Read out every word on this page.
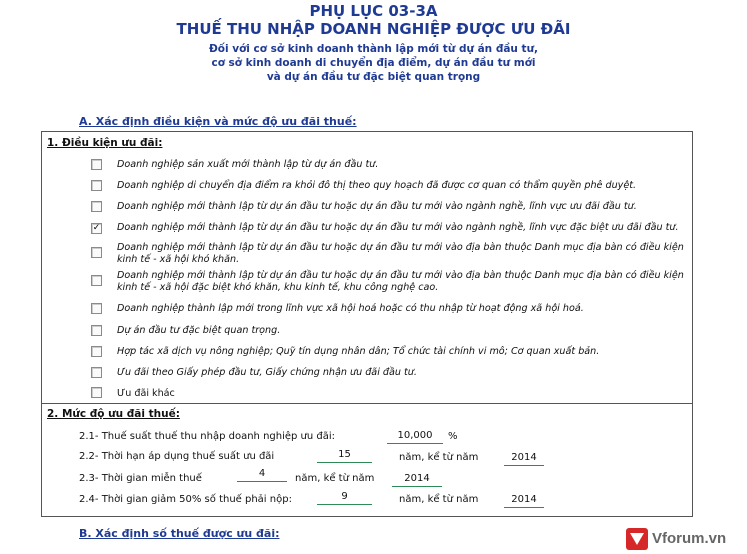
PHỤ LỤC 03-3A
THUẾ THU NHẬP DOANH NGHIỆP ĐƯỢC ƯU ĐÃI
Đối với cơ sở kinh doanh thành lập mới từ dự án đầu tư,
cơ sở kinh doanh di chuyển địa điểm, dự án đầu tư mới
và dự án đầu tư đặc biệt quan trọng
A. Xác định điều kiện và mức độ ưu đãi thuế:
1. Điều kiện ưu đãi:
Doanh nghiệp sản xuất mới thành lập từ dự án đầu tư.
Doanh nghiệp di chuyển địa điểm ra khỏi đô thị theo quy hoạch đã được cơ quan có thẩm quyền phê duyệt.
Doanh nghiệp mới thành lập từ dự án đầu tư hoặc dự án đầu tư mới vào ngành nghề, lĩnh vực ưu đãi đầu tư.
✓ Doanh nghiệp mới thành lập từ dự án đầu tư hoặc dự án đầu tư mới vào ngành nghề, lĩnh vực đặc biệt ưu đãi đầu tư.
Doanh nghiệp mới thành lập từ dự án đầu tư hoặc dự án đầu tư mới vào địa bàn thuộc Danh mục địa bàn có điều kiện kinh tế - xã hội khó khăn.
Doanh nghiệp mới thành lập từ dự án đầu tư hoặc dự án đầu tư mới vào địa bàn thuộc Danh mục địa bàn có điều kiện kinh tế - xã hội đặc biệt khó khăn, khu kinh tế, khu công nghệ cao.
Doanh nghiệp thành lập mới trong lĩnh vực xã hội hoá hoặc có thu nhập từ hoạt động xã hội hoá.
Dự án đầu tư đặc biệt quan trọng.
Hợp tác xã dịch vụ nông nghiệp; Quỹ tín dụng nhân dân; Tổ chức tài chính vi mô; Cơ quan xuất bản.
Ưu đãi theo Giấy phép đầu tư, Giấy chứng nhận ưu đãi đầu tư.
Ưu đãi khác
2. Mức độ ưu đãi thuế:
2.1- Thuế suất thuế thu nhập doanh nghiệp ưu đãi:	10,000	%
2.2- Thời hạn áp dụng thuế suất ưu đãi	15	năm, kể từ năm	2014
2.3- Thời gian miễn thuế	4	năm, kể từ năm	2014
2.4- Thời gian giảm 50% số thuế phải nộp:	9	năm, kể từ năm	2014
B. Xác định số thuế được ưu đãi:	Vforum.vn
